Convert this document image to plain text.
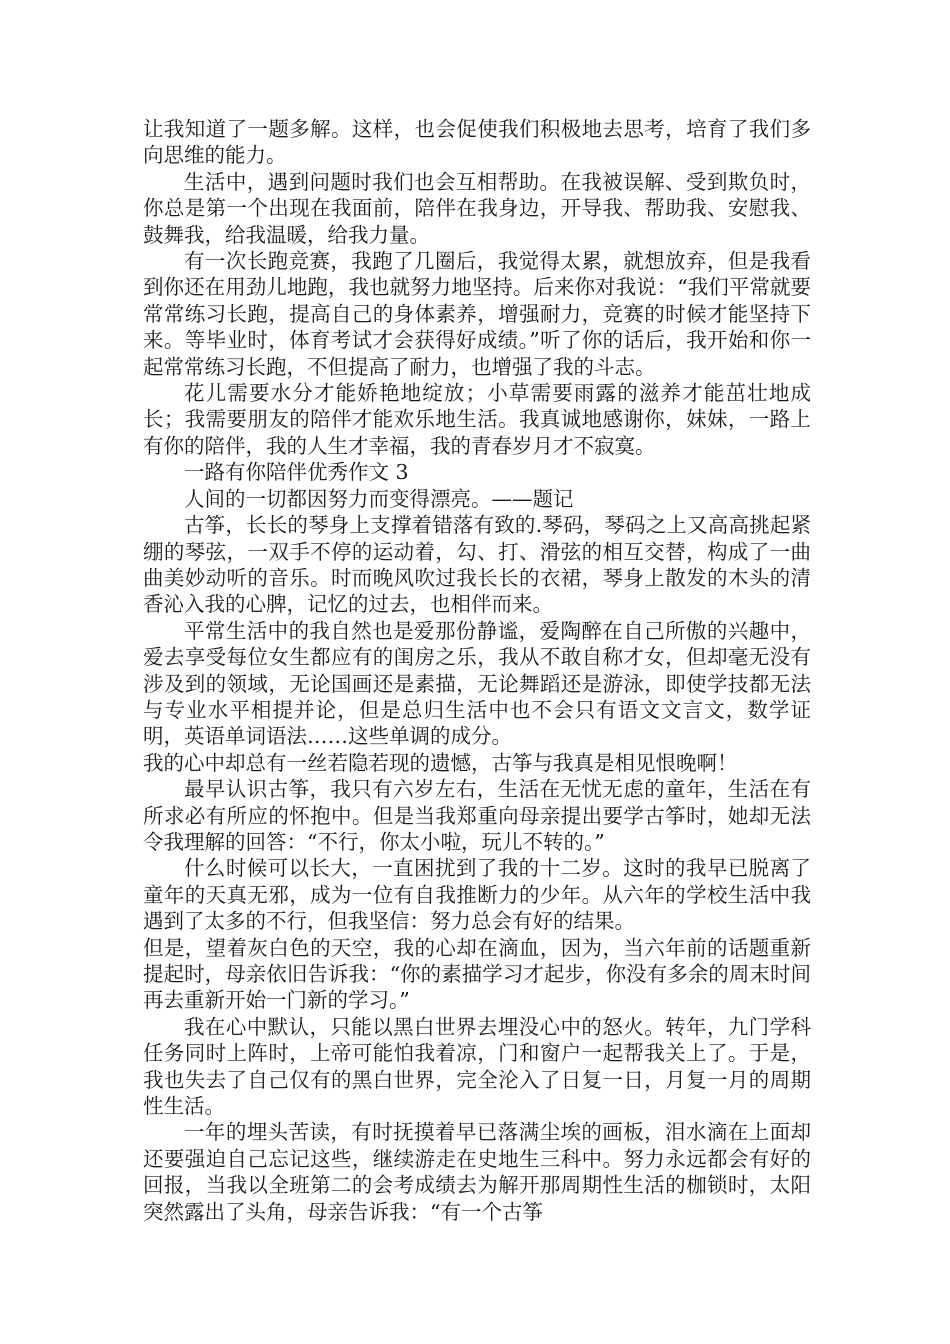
让我知道了一题多解。这样，也会促使我们积极地去思考，培育了我们多向思维的能力。

生活中，遇到问题时我们也会互相帮助。在我被误解、受到欺负时，你总是第一个出现在我面前，陪伴在我身边，开导我、帮助我、安慰我、鼓舞我，给我温暖，给我力量。

有一次长跑竞赛，我跑了几圈后，我觉得太累，就想放弃，但是我看到你还在用劲儿地跑，我也就努力地坚持。后来你对我说：“我们平常就要常常练习长跑，提高自己的身体素养，增强耐力，竞赛的时候才能坚持下来。等毕业时，体育考试才会获得好成绩。”听了你的话后，我开始和你一起常常练习长跑，不但提高了耐力，也增强了我的斗志。

花儿需要水分才能娇艳地绽放；小草需要雨露的滋养才能茁壮地成长；我需要朋友的陪伴才能欢乐地生活。我真诚地感谢你，妹妹，一路上有你的陪伴，我的人生才幸福，我的青春岁月才不寂寞。

一路有你陪伴优秀作文 3

人间的一切都因努力而变得漂亮。——题记

古筝，长长的琴身上支撑着错落有致的.琴码，琴码之上又高高挑起紧绷的琴弦，一双手不停的运动着，勾、打、滑弦的相互交替，构成了一曲曲美妙动听的音乐。时而晚风吹过我长长的衣裙，琴身上散发的木头的清香沁入我的心脾，记忆的过去，也相伴而来。

平常生活中的我自然也是爱那份静谧，爱陶醉在自己所傲的兴趣中，爱去享受每位女生都应有的闺房之乐，我从不敢自称才女，但却毫无没有涉及到的领域，无论国画还是素描，无论舞蹈还是游泳，即使学技都无法与专业水平相提并论，但是总归生活中也不会只有语文文言文，数学证明，英语单词语法……这些单调的成分。

我的心中却总有一丝若隐若现的遗憾，古筝与我真是相见恨晚啊！

最早认识古筝，我只有六岁左右，生活在无忧无虑的童年，生活在有所求必有所应的怀抱中。但是当我郑重向母亲提出要学古筝时，她却无法令我理解的回答：“不行，你太小啦，玩儿不转的。”

什么时候可以长大，一直困扰到了我的十二岁。这时的我早已脱离了童年的天真无邪，成为一位有自我推断力的少年。从六年的学校生活中我遇到了太多的不行，但我坚信：努力总会有好的结果。

但是，望着灰白色的天空，我的心却在滴血，因为，当六年前的话题重新提起时，母亲依旧告诉我：“你的素描学习才起步，你没有多余的周末时间再去重新开始一门新的学习。”

我在心中默认，只能以黑白世界去埋没心中的怒火。转年，九门学科任务同时上阵时，上帝可能怕我着凉，门和窗户一起帮我关上了。于是，我也失去了自己仅有的黑白世界，完全沦入了日复一日，月复一月的周期性生活。

一年的埋头苦读，有时抚摸着早已落满尘埃的画板，泪水滴在上面却还要强迫自己忘记这些，继续游走在史地生三科中。努力永远都会有好的回报，当我以全班第二的会考成绩去为解开那周期性生活的枷锁时，太阳突然露出了头角，母亲告诉我：“有一个古筝
